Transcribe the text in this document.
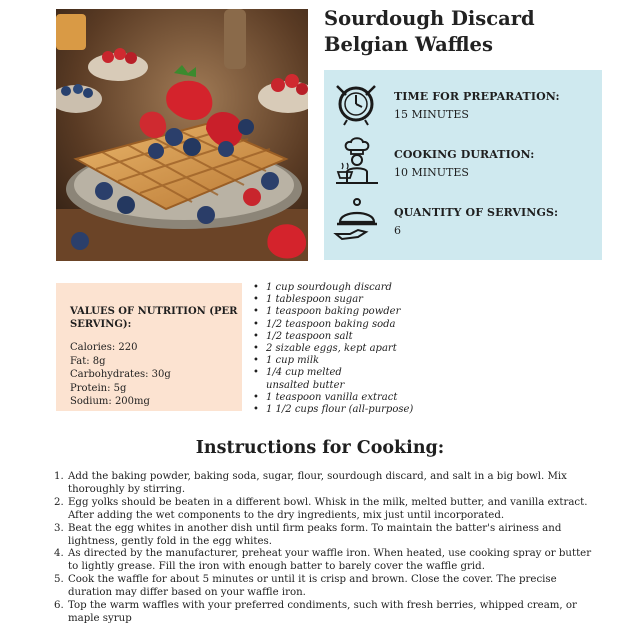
Sourdough Discard
Belgian Waffles
TIME FOR PREPARATION:
15 MINUTES
COOKING DURATION:
10 MINUTES
QUANTITY OF SERVINGS:
6
VALUES OF NUTRITION (PER SERVING):
Calories: 220
Fat: 8g
Carbohydrates: 30g
Protein: 5g
Sodium: 200mg
• 1 cup sourdough discard
• 1 tablespoon sugar
• 1 teaspoon baking powder
• 1/2 teaspoon baking soda
• 1/2 teaspoon salt
• 2 sizable eggs, kept apart
• 1 cup milk
• 1/4 cup melted unsalted butter
• 1 teaspoon vanilla extract
• 1 1/2 cups flour (all-purpose)
Instructions for Cooking:
1. Add the baking powder, baking soda, sugar, flour, sourdough discard, and salt in a big bowl. Mix thoroughly by stirring.
2. Egg yolks should be beaten in a different bowl. Whisk in the milk, melted butter, and vanilla extract. After adding the wet components to the dry ingredients, mix just until incorporated.
3. Beat the egg whites in another dish until firm peaks form. To maintain the batter's airiness and lightness, gently fold in the egg whites.
4. As directed by the manufacturer, preheat your waffle iron. When heated, use cooking spray or butter to lightly grease. Fill the iron with enough batter to barely cover the waffle grid.
5. Cook the waffle for about 5 minutes or until it is crisp and brown. Close the cover. The precise duration may differ based on your waffle iron.
6. Top the warm waffles with your preferred condiments, such with fresh berries, whipped cream, or maple syrup
